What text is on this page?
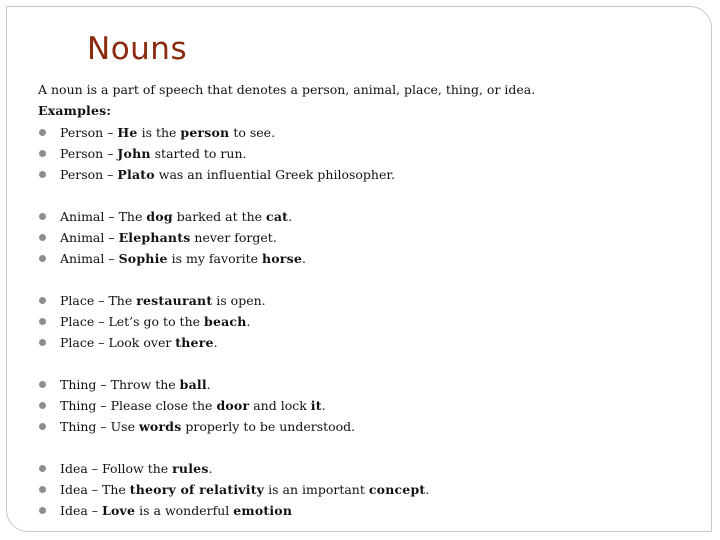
Nouns
A noun is a part of speech that denotes a person, animal, place, thing, or idea.
Examples:
Person – He is the person to see.
Person – John started to run.
Person – Plato was an influential Greek philosopher.
Animal – The dog barked at the cat.
Animal – Elephants never forget.
Animal – Sophie is my favorite horse.
Place – The restaurant is open.
Place – Let’s go to the beach.
Place – Look over there.
Thing – Throw the ball.
Thing – Please close the door and lock it.
Thing – Use words properly to be understood.
Idea – Follow the rules.
Idea – The theory of relativity is an important concept.
Idea – Love is a wonderful emotion
